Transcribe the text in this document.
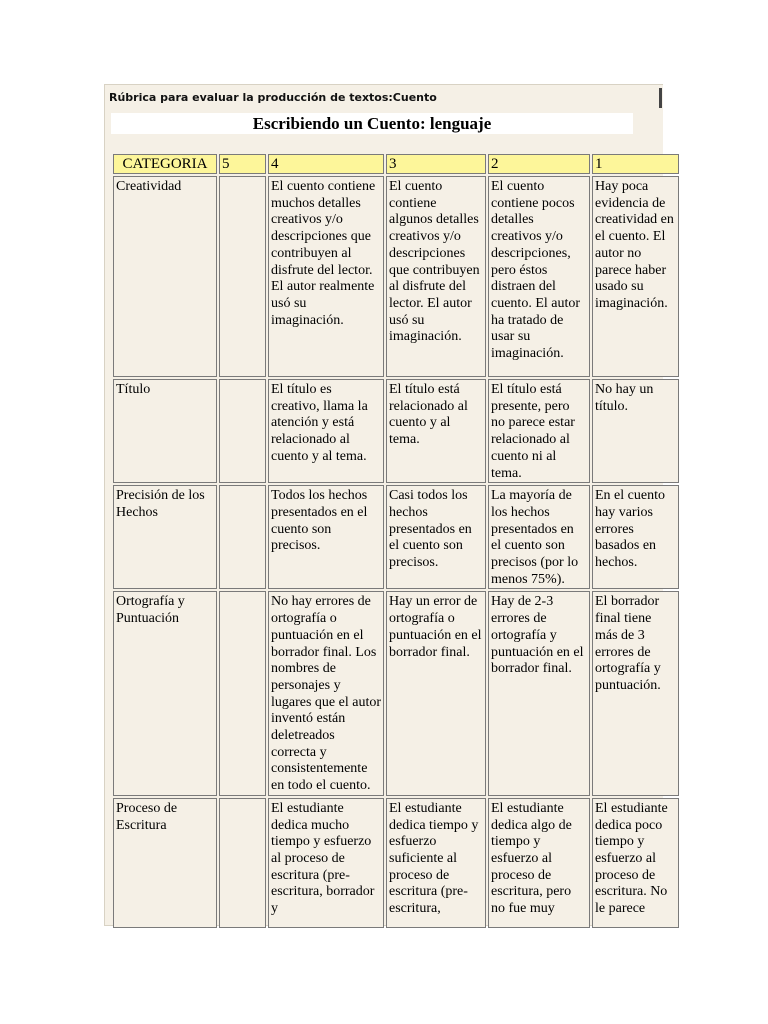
Rúbrica para evaluar la producción de textos:Cuento
Escribiendo un Cuento: lenguaje
CATEGORIA	5	4	3	2	1
Creatividad		El cuento contiene muchos detalles creativos y/o descripciones que contribuyen al disfrute del lector. El autor realmente usó su imaginación.	El cuento contiene algunos detalles creativos y/o descripciones que contribuyen al disfrute del lector. El autor usó su imaginación.	El cuento contiene pocos detalles creativos y/o descripciones, pero éstos distraen del cuento. El autor ha tratado de usar su imaginación.	Hay poca evidencia de creatividad en el cuento. El autor no parece haber usado su imaginación.
Título		El título es creativo, llama la atención y está relacionado al cuento y al tema.	El título está relacionado al cuento y al tema.	El título está presente, pero no parece estar relacionado al cuento ni al tema.	No hay un título.
Precisión de los Hechos		Todos los hechos presentados en el cuento son precisos.	Casi todos los hechos presentados en el cuento son precisos.	La mayoría de los hechos presentados en el cuento son precisos (por lo menos 75%).	En el cuento hay varios errores basados en hechos.
Ortografía y Puntuación		No hay errores de ortografía o puntuación en el borrador final. Los nombres de personajes y lugares que el autor inventó están deletreados correcta y consistentemente en todo el cuento.	Hay un error de ortografía o puntuación en el borrador final.	Hay de 2-3 errores de ortografía y puntuación en el borrador final.	El borrador final tiene más de 3 errores de ortografía y puntuación.
Proceso de Escritura		El estudiante dedica mucho tiempo y esfuerzo al proceso de escritura (pre-escritura, borrador y	El estudiante dedica tiempo y esfuerzo suficiente al proceso de escritura (pre-escritura,	El estudiante dedica algo de tiempo y esfuerzo al proceso de escritura, pero no fue muy	El estudiante dedica poco tiempo y esfuerzo al proceso de escritura. No le parece
